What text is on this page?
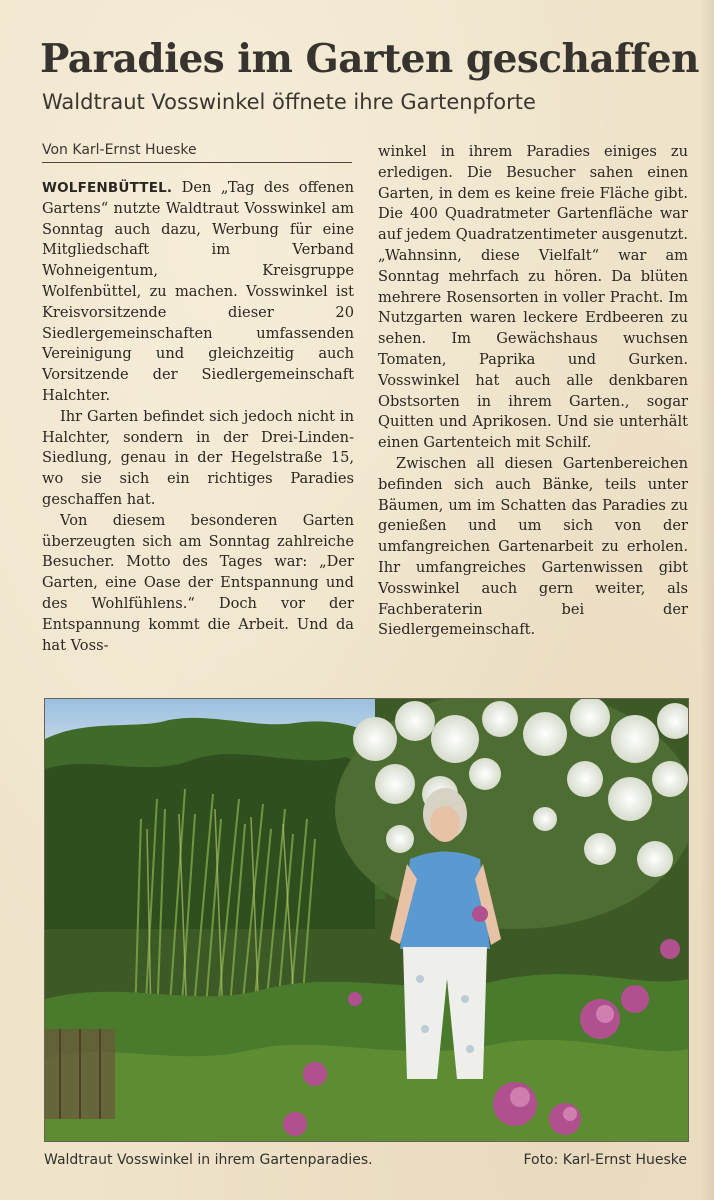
Paradies im Garten geschaffen
Waldtraut Vosswinkel öffnete ihre Gartenpforte
Von Karl-Ernst Hueske

WOLFENBÜTTEL. Den „Tag des offenen Gartens“ nutzte Waldtraut Vosswinkel am Sonntag auch dazu, Werbung für eine Mitgliedschaft im Verband Wohneigentum, Kreisgruppe Wolfenbüttel, zu machen. Vosswinkel ist Kreisvorsitzende dieser 20 Siedlergemeinschaften umfassenden Vereinigung und gleichzeitig auch Vorsitzende der Siedlergemeinschaft Halchter.

Ihr Garten befindet sich jedoch nicht in Halchter, sondern in der Drei-Linden-Siedlung, genau in der Hegelstraße 15, wo sie sich ein richtiges Paradies geschaffen hat.

Von diesem besonderen Garten überzeugten sich am Sonntag zahlreiche Besucher. Motto des Tages war: „Der Garten, eine Oase der Entspannung und des Wohlfühlens.“ Doch vor der Entspannung kommt die Arbeit. Und da hat Voss-

winkel in ihrem Paradies einiges zu erledigen. Die Besucher sahen einen Garten, in dem es keine freie Fläche gibt. Die 400 Quadratmeter Gartenfläche war auf jedem Quadratzentimeter ausgenutzt. „Wahnsinn, diese Vielfalt“ war am Sonntag mehrfach zu hören. Da blüten mehrere Rosensorten in voller Pracht. Im Nutzgarten waren leckere Erdbeeren zu sehen. Im Gewächshaus wuchsen Tomaten, Paprika und Gurken. Vosswinkel hat auch alle denkbaren Obstsorten in ihrem Garten., sogar Quitten und Aprikosen. Und sie unterhält einen Gartenteich mit Schilf.

Zwischen all diesen Gartenbereichen befinden sich auch Bänke, teils unter Bäumen, um im Schatten das Paradies zu genießen und um sich von der umfangreichen Gartenarbeit zu erholen. Ihr umfangreiches Gartenwissen gibt Vosswinkel auch gern weiter, als Fachberaterin bei der Siedlergemeinschaft.

Waldtraut Vosswinkel in ihrem Gartenparadies.	Foto: Karl-Ernst Hueske
